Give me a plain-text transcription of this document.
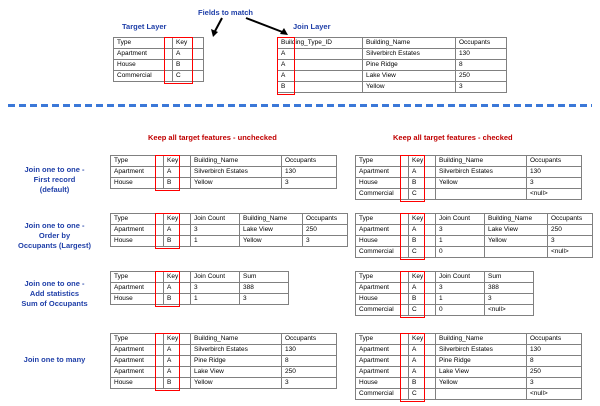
Target Layer
Fields to match
Join Layer
Type	Key
Apartment	A
House	B
Commercial	C
Building_Type_ID	Building_Name	Occupants
A	Silverbirch Estates	130
A	Pine Ridge	8
A	Lake View	250
B	Yellow	3
Keep all target features - unchecked	Keep all target features - checked
Join one to one -
First record
(default)
Type	Key	Building_Name	Occupants
Apartment	A	Silverbirch Estates	130
House	B	Yellow	3
Type	Key	Building_Name	Occupants
Apartment	A	Silverbirch Estates	130
House	B	Yellow	3
Commercial	C		<null>
Join one to one -
Order by
Occupants (Largest)
Type	Key	Join Count	Building_Name	Occupants
Apartment	A	3	Lake View	250
House	B	1	Yellow	3
Type	Key	Join Count	Building_Name	Occupants
Apartment	A	3	Lake View	250
House	B	1	Yellow	3
Commercial	C	0		<null>
Join one to one -
Add statistics
Sum of Occupants
Type	Key	Join Count	Sum
Apartment	A	3	388
House	B	1	3
Type	Key	Join Count	Sum
Apartment	A	3	388
House	B	1	3
Commercial	C	0	<null>
Join one to many
Type	Key	Building_Name	Occupants
Apartment	A	Silverbirch Estates	130
Apartment	A	Pine Ridge	8
Apartment	A	Lake View	250
House	B	Yellow	3
Type	Key	Building_Name	Occupants
Apartment	A	Silverbirch Estates	130
Apartment	A	Pine Ridge	8
Apartment	A	Lake View	250
House	B	Yellow	3
Commercial	C		<null>
